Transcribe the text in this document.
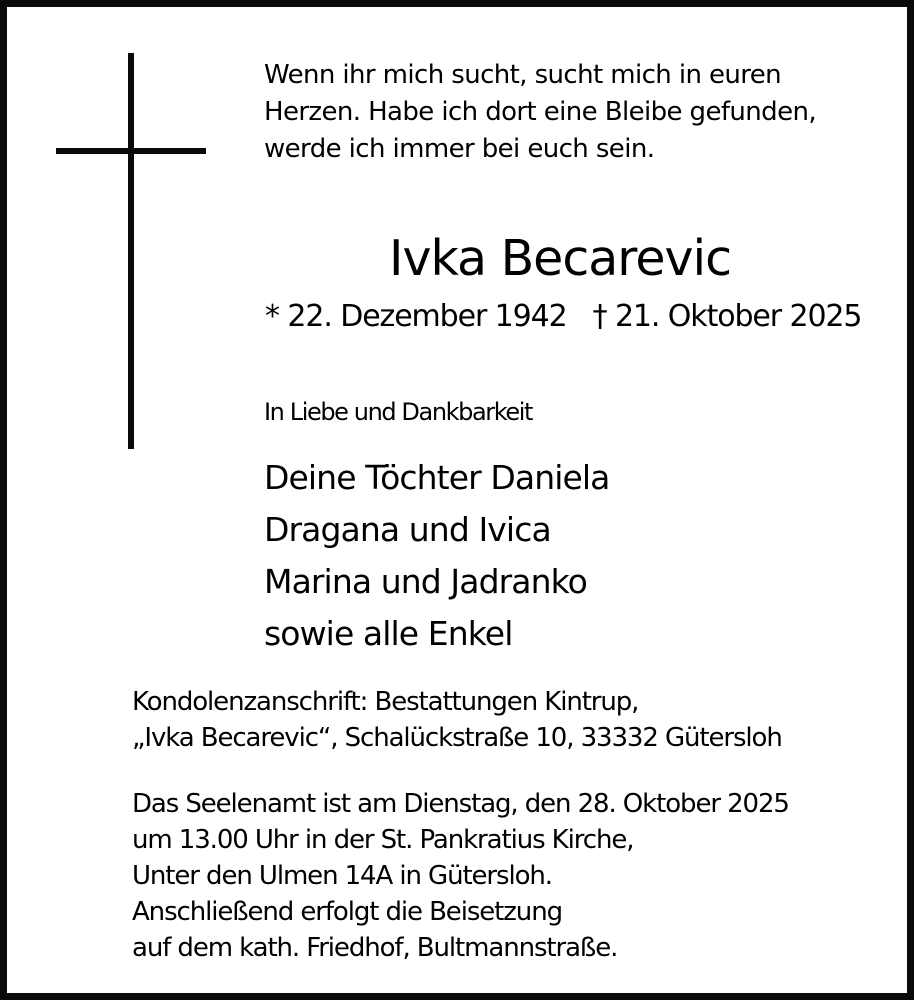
Wenn ihr mich sucht, sucht mich in euren
Herzen. Habe ich dort eine Bleibe gefunden,
werde ich immer bei euch sein.
Ivka Becarevic
* 22. Dezember 1942 † 21. Oktober 2025
In Liebe und Dankbarkeit
Deine Töchter Daniela
Dragana und Ivica
Marina und Jadranko
sowie alle Enkel
Kondolenzanschrift: Bestattungen Kintrup,
„Ivka Becarevic“, Schalückstraße 10, 33332 Gütersloh
Das Seelenamt ist am Dienstag, den 28. Oktober 2025
um 13.00 Uhr in der St. Pankratius Kirche,
Unter den Ulmen 14A in Gütersloh.
Anschließend erfolgt die Beisetzung
auf dem kath. Friedhof, Bultmannstraße.
